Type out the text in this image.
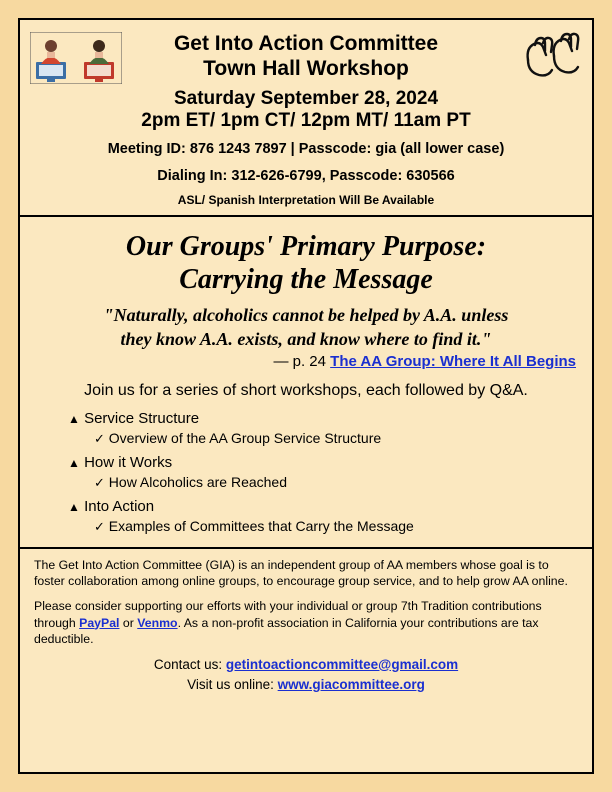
Get Into Action Committee
Town Hall Workshop
Saturday September 28, 2024
2pm ET/ 1pm CT/ 12pm MT/ 11am PT
Meeting ID: 876 1243 7897 | Passcode: gia (all lower case)
Dialing In: 312-626-6799, Passcode: 630566
ASL/ Spanish Interpretation Will Be Available
Our Groups' Primary Purpose:
Carrying the Message
"Naturally, alcoholics cannot be helped by A.A. unless
they know A.A. exists, and know where to find it."
— p. 24 The AA Group: Where It All Begins
Join us for a series of short workshops, each followed by Q&A.
▲ Service Structure
✓ Overview of the AA Group Service Structure
▲ How it Works
✓ How Alcoholics are Reached
▲ Into Action
✓ Examples of Committees that Carry the Message

The Get Into Action Committee (GIA) is an independent group of AA members whose goal is to foster collaboration among online groups, to encourage group service, and to help grow AA online.

Please consider supporting our efforts with your individual or group 7th Tradition contributions through PayPal or Venmo. As a non-profit association in California your contributions are tax deductible.

Contact us: getintoactioncommittee@gmail.com
Visit us online: www.giacommittee.org
